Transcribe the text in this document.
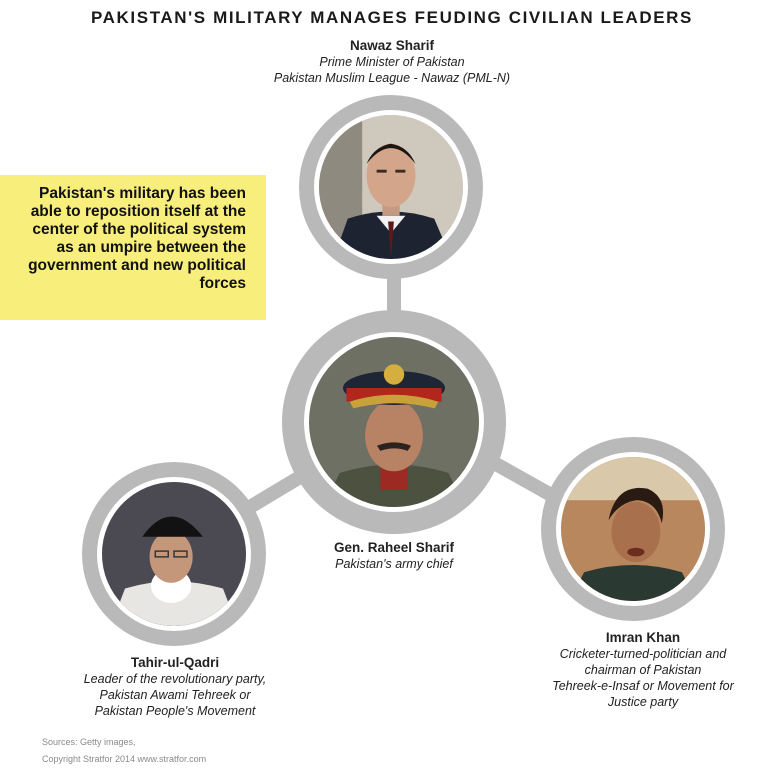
PAKISTAN'S MILITARY MANAGES FEUDING CIVILIAN LEADERS
Pakistan's military has been able to reposition itself at the center of the political system as an umpire between the government and new political forces
Nawaz Sharif
Prime Minister of Pakistan
Pakistan Muslim League - Nawaz (PML-N)
Gen. Raheel Sharif
Pakistan's army chief
Tahir-ul-Qadri
Leader of the revolutionary party,
Pakistan Awami Tehreek or
Pakistan People's Movement
Imran Khan
Cricketer-turned-politician and
chairman of Pakistan
Tehreek-e-Insaf or Movement for
Justice party
Sources: Getty images,
Copyright Stratfor 2014 www.stratfor.com
